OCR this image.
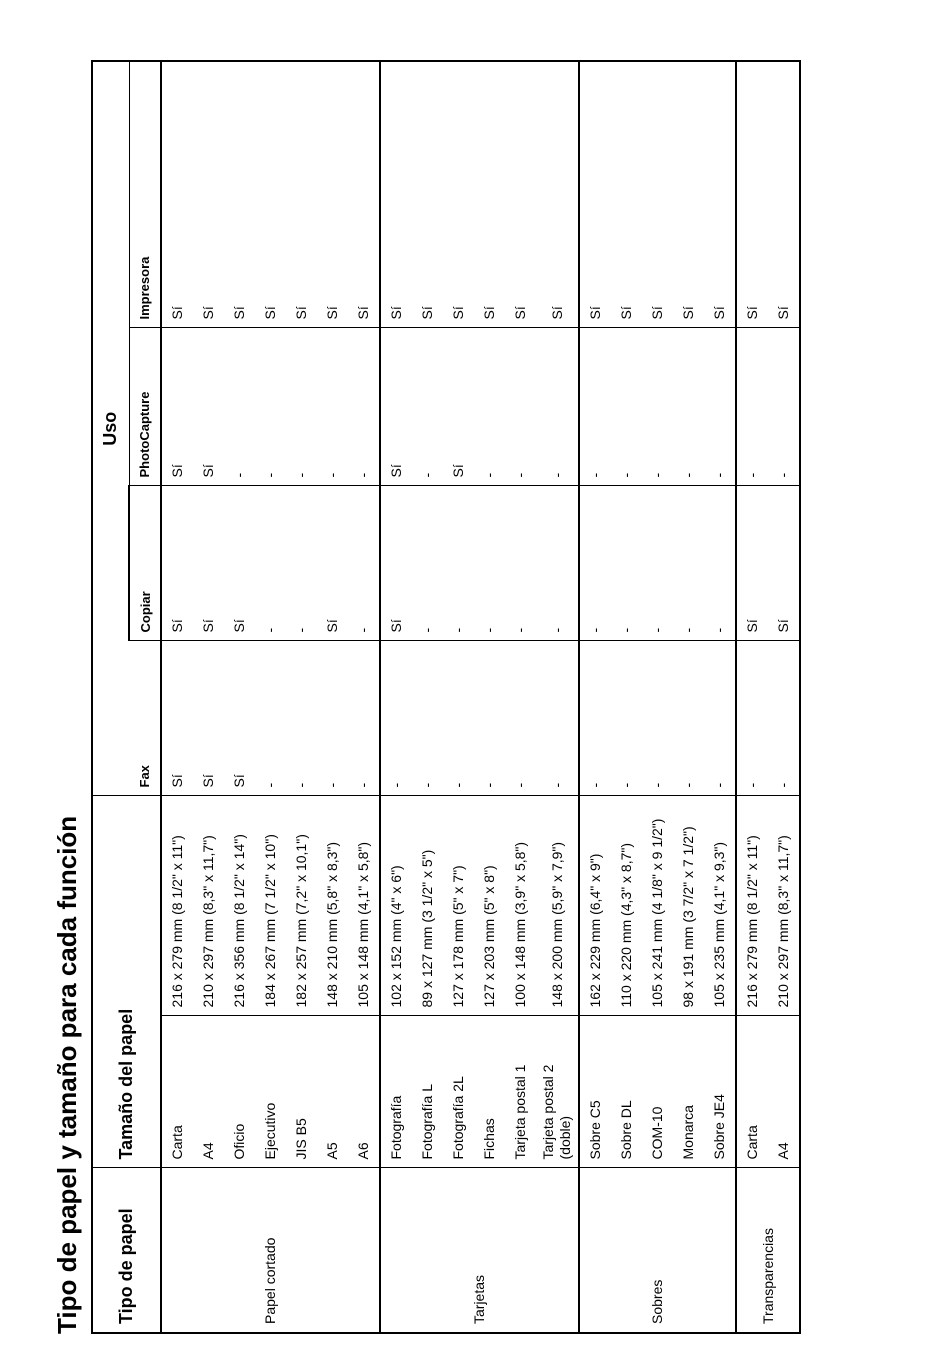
Tipo de papel y tamaño para cada función Tipo de papel	Tamaño del papel		Uso			
			Fax	Copiar	PhotoCapture	Impresora
Papel cortado	Carta	216 x 279 mm (8 1/2" x 11")	Sí	Sí	Sí	Sí

	A4	210 x 297 mm (8,3" x 11,7")	Sí	Sí	Sí	Sí

	Oficio	216 x 356 mm (8 1/2" x 14")	Sí	Sí	-	Sí

	Ejecutivo	184 x 267 mm (7 1/2" x 10")	-	-	-	Sí

	JIS B5	182 x 257 mm (7,2" x 10,1")	-	-	-	Sí

	A5	148 x 210 mm (5,8" x 8,3")	-	Sí	-	Sí

	A6	105 x 148 mm (4,1" x 5,8")	-	-	-	Sí
Tarjetas	Fotografía	102 x 152 mm (4" x 6")	-	Sí	Sí	Sí

	Fotografía L	89 x 127 mm (3 1/2" x 5")	-	-	-	Sí

	Fotografía 2L	127 x 178 mm (5" x 7")	-	-	Sí	Sí

	Fichas	127 x 203 mm (5" x 8")	-	-	-	Sí

	Tarjeta postal 1	100 x 148 mm (3,9" x 5,8")	-	-	-	Sí

	Tarjeta postal 2 (doble)	148 x 200 mm (5,9" x 7,9")	-	-	-	Sí
Sobres	Sobre C5	162 x 229 mm (6,4" x 9")	-	-	-	Sí

	Sobre DL	110 x 220 mm (4,3" x 8,7")	-	-	-	Sí

	COM-10	105 x 241 mm (4 1/8" x 9 1/2")	-	-	-	Sí

	Monarca	98 x 191 mm (3 7/2" x 7 1/2")	-	-	-	Sí

	Sobre JE4	105 x 235 mm (4,1" x 9,3")	-	-	-	Sí
Transparencias	Carta	216 x 279 mm (8 1/2" x 11")	-	Sí	-	Sí

	A4	210 x 297 mm (8,3" x 11,7")	-	Sí	-	Sí
